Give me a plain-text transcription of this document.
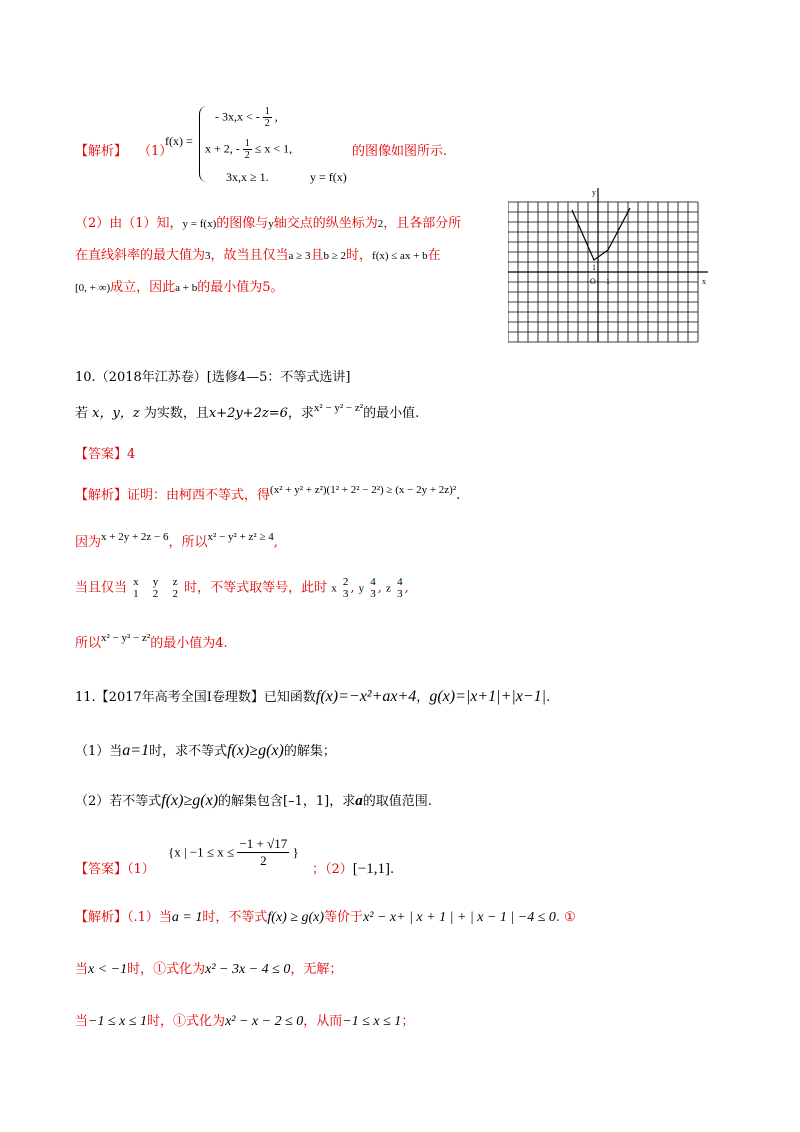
【解析】 （1）
f(x) =
- 3x,x < - $\frac{1}{2}$ ,
x + 2, - $\frac{1}{2} \le x < 1$,
3x,x ≥ 1.	y = f(x)
的图像如图所示.
（2）由（1）知，y = f(x)的图像与y轴交点的纵坐标为2，且各部分所
在直线斜率的最大值为3，故当且仅当a ≥ 3且b ≥ 2时，f(x) ≤ ax + b在
[0, + ∞)成立，因此a + b的最小值为5。
y
x
O 1
1
10.（2018年江苏卷）[选修4—5：不等式选讲]
若 x，y，z 为实数，且x+2y+2z=6，求$^{x^2 - y^2 - z^2}$的最小值.
【答案】4
【解析】证明：由柯西不等式，得$^{(x^2 + y^2 + z^2)(1^2 + 2^2 - 2^2) \ge (x - 2y + 2z)^2}$.
因为$^{x + 2y + 2z - 6}$，所以$^{x^2 - y^2 + z^2 \ge 4}$,
当且仅当 x
1

y
2

z
2 时，不等式取等号，此时 x
2
3 , y
4
3 , z
4
3 ,
所以$^{x^2 - y^2 - z^2}$的最小值为4.
11.【2017年高考全国Ⅰ卷理数】已知函数f(x)=−x²+ax+4，g(x)=|x+1|+|x−1|.
（1）当a=1时，求不等式f(x)≥g(x)的解集；
（2）若不等式f(x)≥g(x)的解集包含[–1，1]，求a的取值范围.
【答案】（1）
{x | $-1 \le x \le \frac{-1 + √17}{2}$ }
；（2）[−1,1].
【解析】（.1）当a = 1时，不等式f(x) ≥ g(x)等价于x² − x+ | x + 1 | + | x − 1 | −4 ≤ 0. ①
当x < −1时，①式化为x² − 3x − 4 ≤ 0，无解；
当−1 ≤ x ≤ 1时，①式化为x² − x − 2 ≤ 0，从而−1 ≤ x ≤ 1；
